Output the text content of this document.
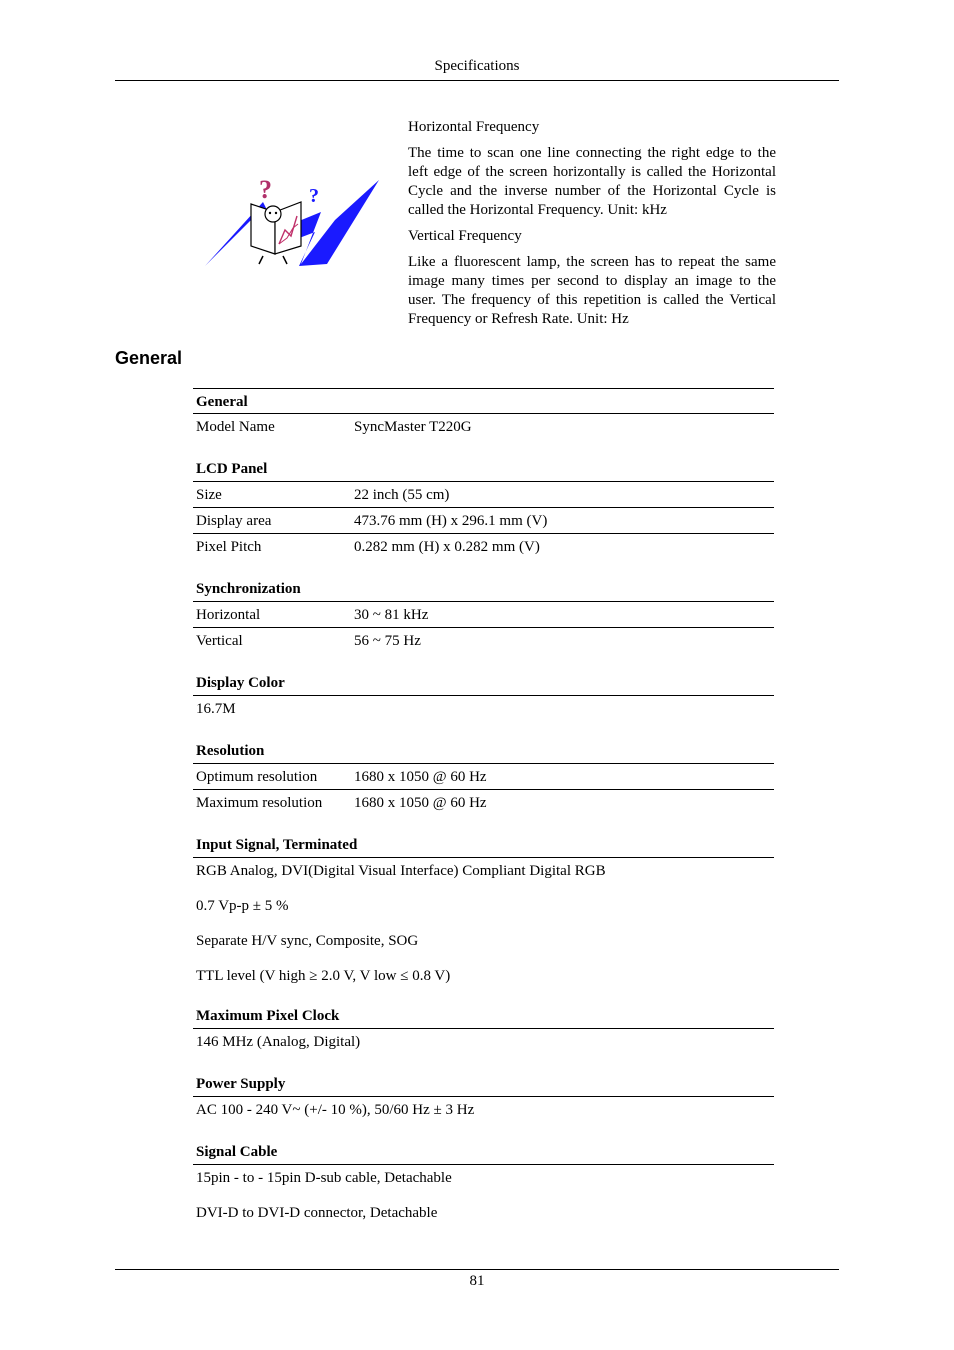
Specifications
? ?

Horizontal Frequency

The time to scan one line connecting the right edge to the left edge of the screen horizontally is called the Horizontal Cycle and the inverse number of the Horizontal Cycle is called the Horizontal Frequency. Unit: kHz

Vertical Frequency

Like a fluorescent lamp, the screen has to repeat the same image many times per second to display an image to the user. The frequency of this repetition is called the Vertical Frequency or Refresh Rate. Unit: Hz

General
General
Model Name	SyncMaster T220G
LCD Panel
Size	22 inch (55 cm)
Display area	473.76 mm (H) x 296.1 mm (V)
Pixel Pitch	0.282 mm (H) x 0.282 mm (V)
Synchronization
Horizontal	30 ~ 81 kHz
Vertical	56 ~ 75 Hz
Display Color
16.7M
Resolution
Optimum resolution	1680 x 1050 @ 60 Hz
Maximum resolution	1680 x 1050 @ 60 Hz
Input Signal, Terminated
RGB Analog, DVI(Digital Visual Interface) Compliant Digital RGB
0.7 Vp-p ± 5 %
Separate H/V sync, Composite, SOG
TTL level (V high ≥ 2.0 V, V low ≤ 0.8 V)
Maximum Pixel Clock
146 MHz (Analog, Digital)
Power Supply
AC 100 - 240 V~ (+/- 10 %), 50/60 Hz ± 3 Hz
Signal Cable
15pin - to - 15pin D-sub cable, Detachable
DVI-D to DVI-D connector, Detachable
81
